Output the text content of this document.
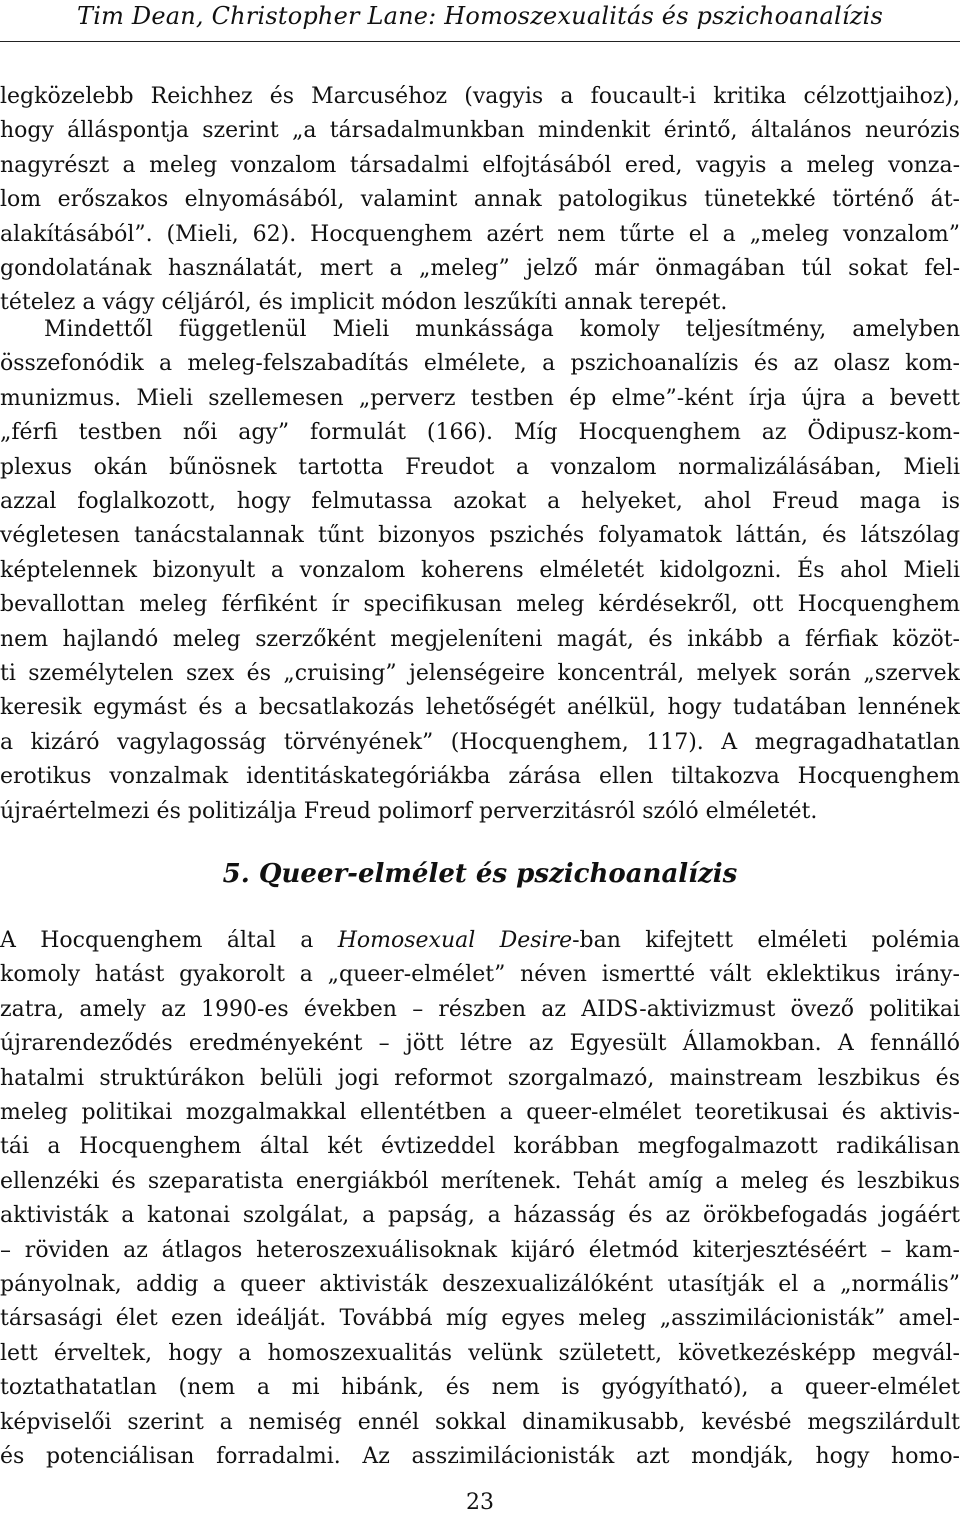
Tim Dean, Christopher Lane: Homoszexualitás és pszichoanalízis
legközelebb Reichhez és Marcuséhoz (vagyis a foucault-i kritika célzottjaihoz),
hogy álláspontja szerint „a társadalmunkban mindenkit érintő, általános neurózis
nagyrészt a meleg vonzalom társadalmi elfojtásából ered, vagyis a meleg vonza-
lom erőszakos elnyomásából, valamint annak patologikus tünetekké történő át-
alakításából”. (Mieli, 62). Hocquenghem azért nem tűrte el a „meleg vonzalom”
gondolatának használatát, mert a „meleg” jelző már önmagában túl sokat fel-
tételez a vágy céljáról, és implicit módon leszűkíti annak terepét.
Mindettől függetlenül Mieli munkássága komoly teljesítmény, amelyben
összefonódik a meleg-felszabadítás elmélete, a pszichoanalízis és az olasz kom-
munizmus. Mieli szellemesen „perverz testben ép elme”-ként írja újra a bevett
„férfi testben női agy” formulát (166). Míg Hocquenghem az Ödipusz-kom-
plexus okán bűnösnek tartotta Freudot a vonzalom normalizálásában, Mieli
azzal foglalkozott, hogy felmutassa azokat a helyeket, ahol Freud maga is
végletesen tanácstalannak tűnt bizonyos pszichés folyamatok láttán, és látszólag
képtelennek bizonyult a vonzalom koherens elméletét kidolgozni. És ahol Mieli
bevallottan meleg férfiként ír specifikusan meleg kérdésekről, ott Hocquenghem
nem hajlandó meleg szerzőként megjeleníteni magát, és inkább a férfiak közöt-
ti személytelen szex és „cruising” jelenségeire koncentrál, melyek során „szervek
keresik egymást és a becsatlakozás lehetőségét anélkül, hogy tudatában lennének
a kizáró vagylagosság törvényének” (Hocquenghem, 117). A megragadhatatlan
erotikus vonzalmak identitáskategóriákba zárása ellen tiltakozva Hocquenghem
újraértelmezi és politizálja Freud polimorf perverzitásról szóló elméletét.
5. Queer-elmélet és pszichoanalízis
A Hocquenghem által a Homosexual Desire-ban kifejtett elméleti polémia
komoly hatást gyakorolt a „queer-elmélet” néven ismertté vált eklektikus irány-
zatra, amely az 1990-es években – részben az AIDS-aktivizmust övező politikai
újrarendeződés eredményeként – jött létre az Egyesült Államokban. A fennálló
hatalmi struktúrákon belüli jogi reformot szorgalmazó, mainstream leszbikus és
meleg politikai mozgalmakkal ellentétben a queer-elmélet teoretikusai és aktivis-
tái a Hocquenghem által két évtizeddel korábban megfogalmazott radikálisan
ellenzéki és szeparatista energiákból merítenek. Tehát amíg a meleg és leszbikus
aktivisták a katonai szolgálat, a papság, a házasság és az örökbefogadás jogáért
– röviden az átlagos heteroszexuálisoknak kijáró életmód kiterjesztéséért – kam-
pányolnak, addig a queer aktivisták deszexualizálóként utasítják el a „normális”
társasági élet ezen ideálját. Továbbá míg egyes meleg „asszimilácionisták” amel-
lett érveltek, hogy a homoszexualitás velünk született, következésképp megvál-
toztathatatlan (nem a mi hibánk, és nem is gyógyítható), a queer-elmélet
képviselői szerint a nemiség ennél sokkal dinamikusabb, kevésbé megszilárdult
és potenciálisan forradalmi. Az asszimilácionisták azt mondják, hogy homo-
23
